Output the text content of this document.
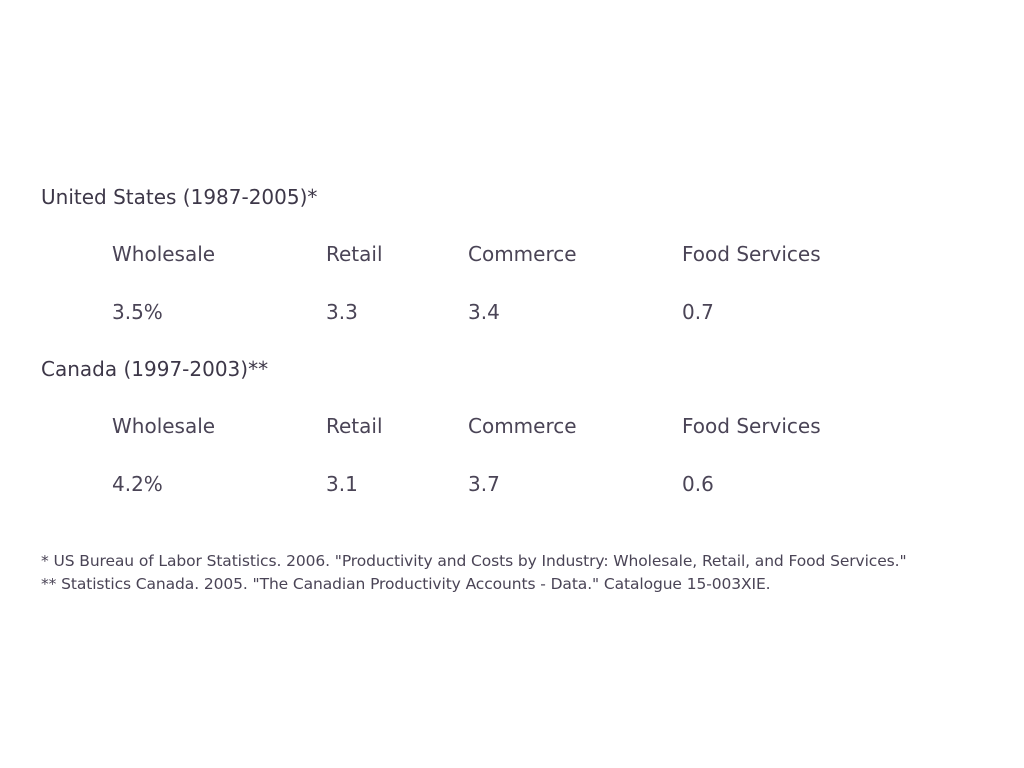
United States (1987-2005)*
Wholesale	Retail	Commerce	Food Services
3.5%	3.3	3.4	0.7
Canada (1997-2003)**
Wholesale	Retail	Commerce	Food Services
4.2%	3.1	3.7	0.6
* US Bureau of Labor Statistics. 2006. "Productivity and Costs by Industry: Wholesale, Retail, and Food Services."
** Statistics Canada. 2005. "The Canadian Productivity Accounts - Data." Catalogue 15-003XIE.
